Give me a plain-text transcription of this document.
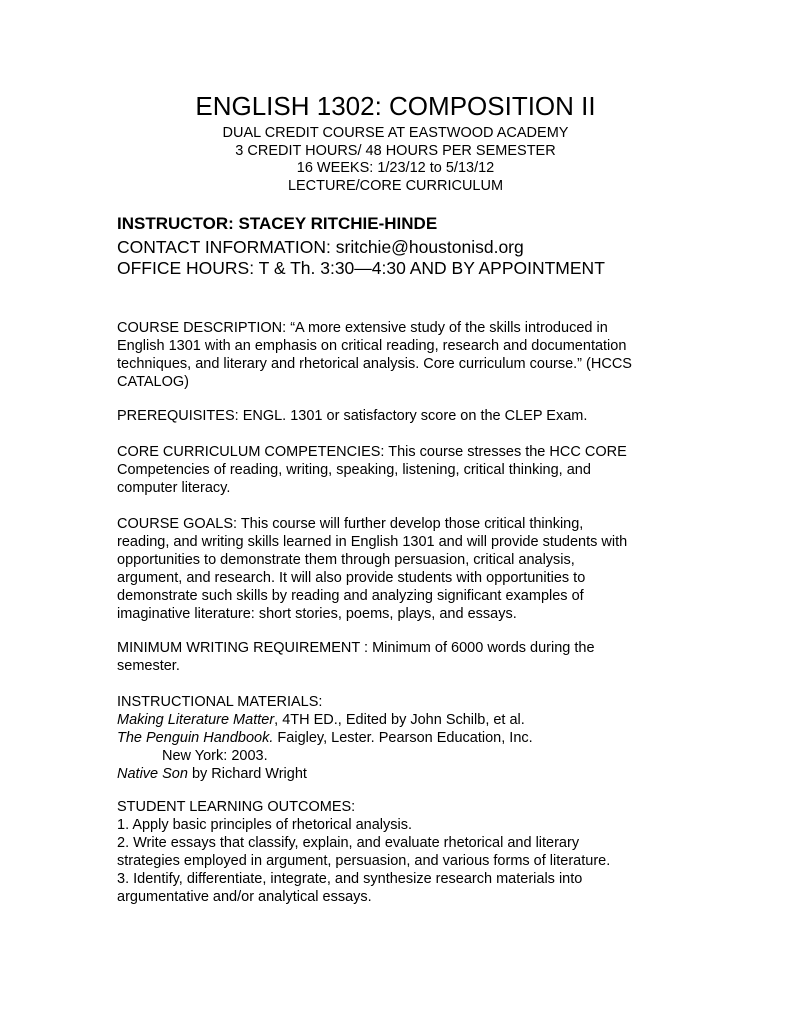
ENGLISH 1302: COMPOSITION II
DUAL CREDIT COURSE AT EASTWOOD ACADEMY
3 CREDIT HOURS/ 48 HOURS PER SEMESTER
16 WEEKS: 1/23/12 to 5/13/12
LECTURE/CORE CURRICULUM
INSTRUCTOR: STACEY RITCHIE-HINDE
CONTACT INFORMATION: sritchie@houstonisd.org
OFFICE HOURS: T & Th. 3:30—4:30 AND BY APPOINTMENT
COURSE DESCRIPTION: “A more extensive study of the skills introduced in
English 1301 with an emphasis on critical reading, research and documentation
techniques, and literary and rhetorical analysis. Core curriculum course.” (HCCS
CATALOG)
PREREQUISITES: ENGL. 1301 or satisfactory score on the CLEP Exam.
CORE CURRICULUM COMPETENCIES: This course stresses the HCC CORE
Competencies of reading, writing, speaking, listening, critical thinking, and
computer literacy.
COURSE GOALS: This course will further develop those critical thinking,
reading, and writing skills learned in English 1301 and will provide students with
opportunities to demonstrate them through persuasion, critical analysis,
argument, and research. It will also provide students with opportunities to
demonstrate such skills by reading and analyzing significant examples of
imaginative literature: short stories, poems, plays, and essays.
MINIMUM WRITING REQUIREMENT : Minimum of 6000 words during the
semester.
INSTRUCTIONAL MATERIALS:
Making Literature Matter, 4TH ED., Edited by John Schilb, et al.
The Penguin Handbook. Faigley, Lester. Pearson Education, Inc.
New York: 2003.
Native Son by Richard Wright
STUDENT LEARNING OUTCOMES:
1. Apply basic principles of rhetorical analysis.
2. Write essays that classify, explain, and evaluate rhetorical and literary
strategies employed in argument, persuasion, and various forms of literature.
3. Identify, differentiate, integrate, and synthesize research materials into
argumentative and/or analytical essays.
